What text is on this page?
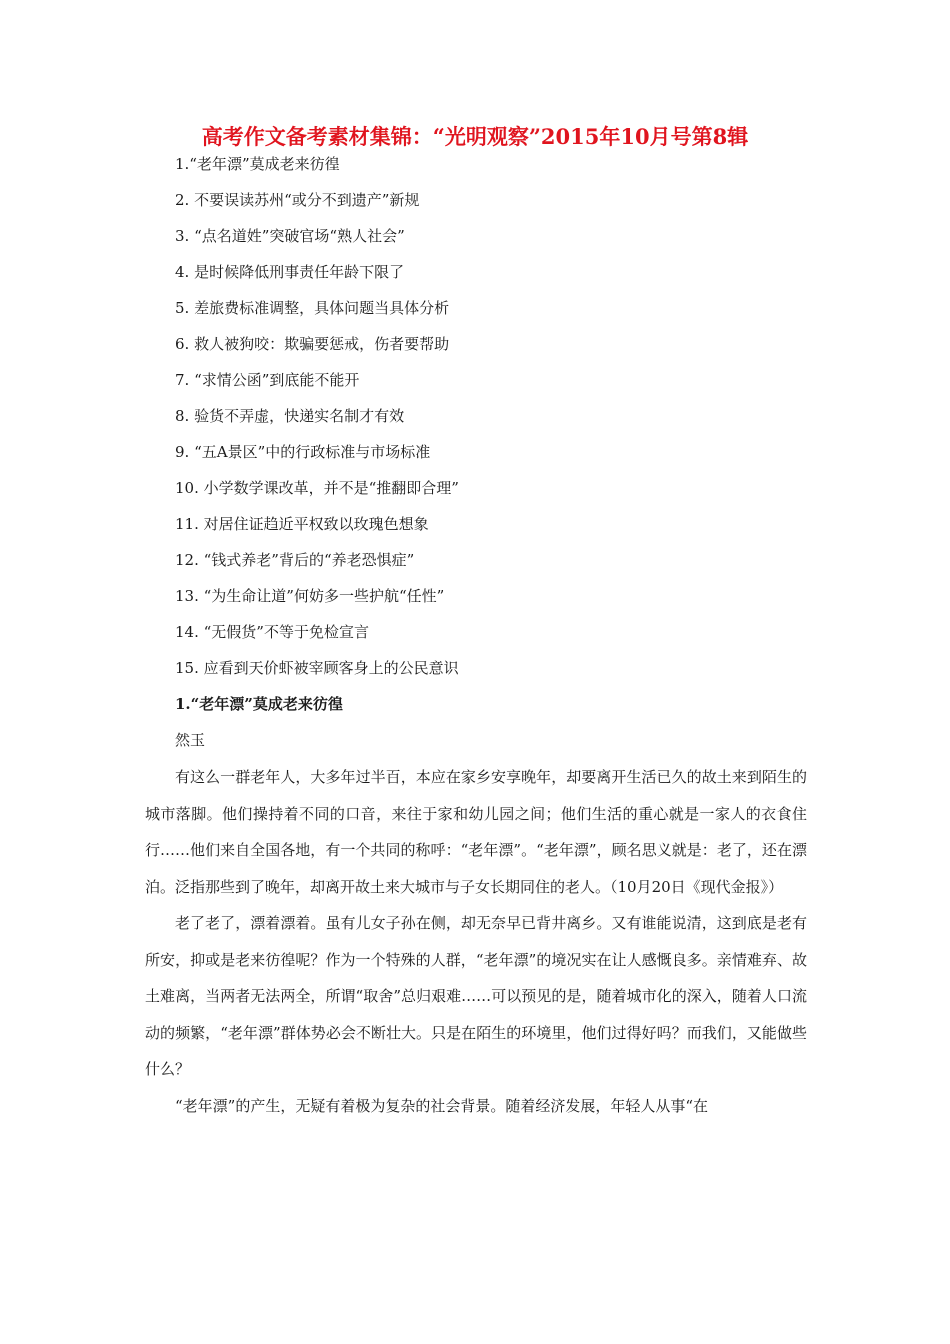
高考作文备考素材集锦：“光明观察”2015年10月号第8辑
1.“老年漂”莫成老来彷徨
2. 不要误读苏州“或分不到遗产”新规
3. “点名道姓”突破官场“熟人社会”
4. 是时候降低刑事责任年龄下限了
5. 差旅费标准调整，具体问题当具体分析
6. 救人被狗咬：欺骗要惩戒，伤者要帮助
7. “求情公函”到底能不能开
8. 验货不弄虚，快递实名制才有效
9. “五A景区”中的行政标准与市场标准
10. 小学数学课改革，并不是“推翻即合理”
11. 对居住证趋近平权致以玫瑰色想象
12. “钱式养老”背后的“养老恐惧症”
13. “为生命让道”何妨多一些护航“任性”
14. “无假货”不等于免检宣言
15. 应看到天价虾被宰顾客身上的公民意识
1.“老年漂”莫成老来彷徨
然玉

有这么一群老年人，大多年过半百，本应在家乡安享晚年，却要离开生活已久的故土来到陌生的城市落脚。他们操持着不同的口音，来往于家和幼儿园之间；他们生活的重心就是一家人的衣食住行……他们来自全国各地，有一个共同的称呼：“老年漂”。“老年漂”，顾名思义就是：老了，还在漂泊。泛指那些到了晚年，却离开故土来大城市与子女长期同住的老人。（10月20日《现代金报》）

老了老了，漂着漂着。虽有儿女子孙在侧，却无奈早已背井离乡。又有谁能说清，这到底是老有所安，抑或是老来彷徨呢？作为一个特殊的人群，“老年漂”的境况实在让人感慨良多。亲情难弃、故土难离，当两者无法两全，所谓“取舍”总归艰难……可以预见的是，随着城市化的深入，随着人口流动的频繁，“老年漂”群体势必会不断壮大。只是在陌生的环境里，他们过得好吗？而我们，又能做些什么？

“老年漂”的产生，无疑有着极为复杂的社会背景。随着经济发展，年轻人从事“在
